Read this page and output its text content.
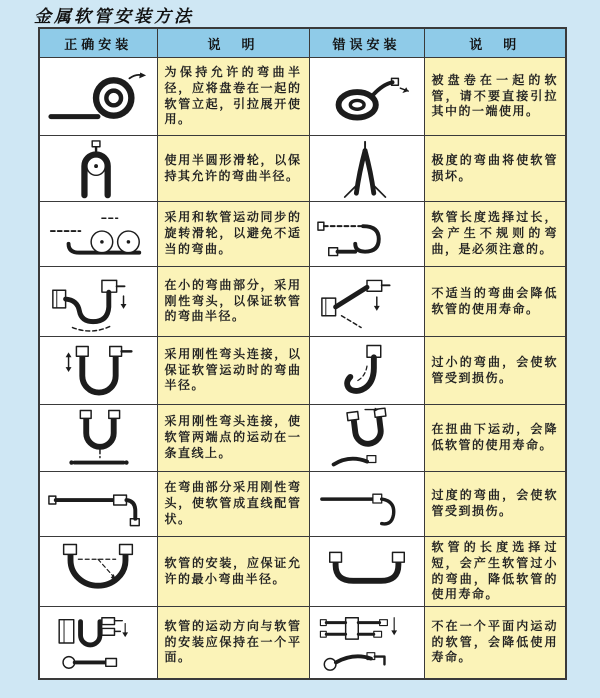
金属软管安装方法
正确安装	说　明	错误安装	说　明
	为保持允许的弯曲半径，应将盘卷在一起的软管立起，引拉展开使用。		被盘卷在一起的软管，请不要直接引拉其中的一端使用。
	使用半圆形滑轮，以保持其允许的弯曲半径。		极度的弯曲将使软管损坏。
	采用和软管运动同步的旋转滑轮，以避免不适当的弯曲。		软管长度选择过长，会产生不规则的弯曲，是必须注意的。
	在小的弯曲部分，采用刚性弯头，以保证软管的弯曲半径。		不适当的弯曲会降低软管的使用寿命。
	采用刚性弯头连接，以保证软管运动时的弯曲半径。		过小的弯曲，会使软管受到损伤。
	采用刚性弯头连接，使软管两端点的运动在一条直线上。		在扭曲下运动，会降低软管的使用寿命。
	在弯曲部分采用刚性弯头，使软管成直线配管状。		过度的弯曲，会使软管受到损伤。
	软管的安装，应保证允许的最小弯曲半径。		软管的长度选择过短，会产生软管过小的弯曲，降低软管的使用寿命。
	软管的运动方向与软管的安装应保持在一个平面。		不在一个平面内运动的软管，会降低使用寿命。
